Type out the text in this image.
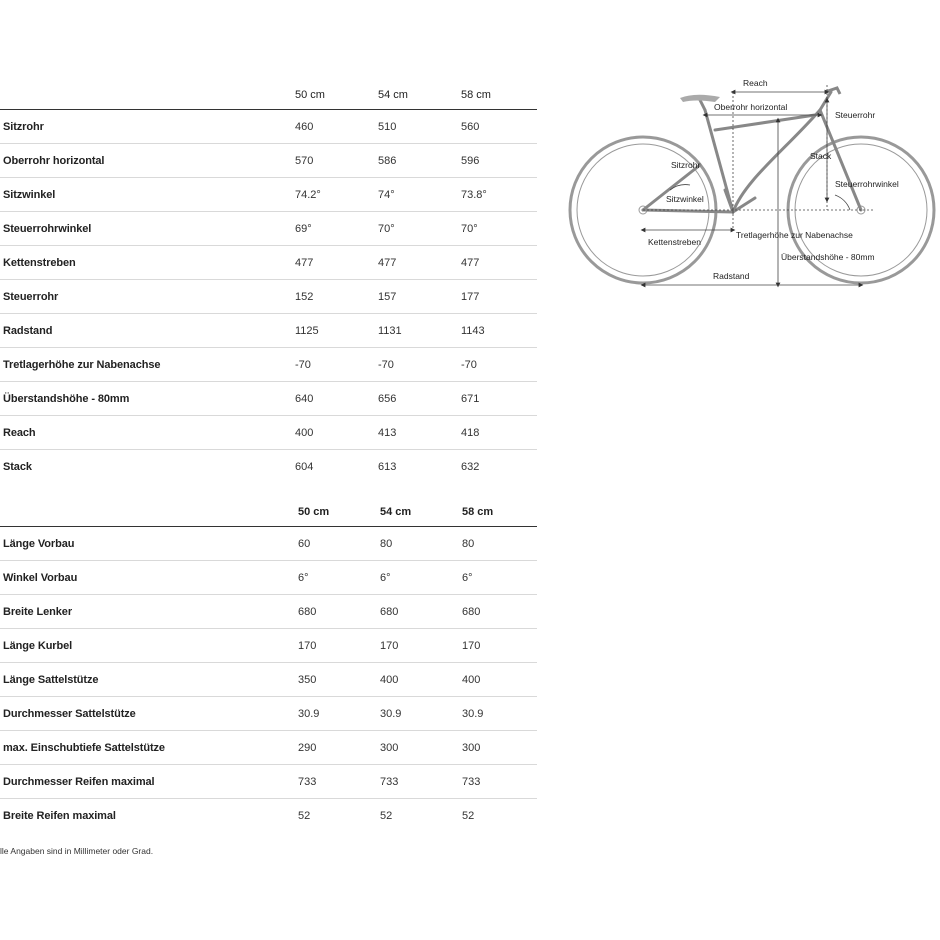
50 cm	54 cm	58 cm
Sitzrohr	460	510	560
Oberrohr horizontal	570	586	596
Sitzwinkel	74.2°	74°	73.8°
Steuerrohrwinkel	69°	70°	70°
Kettenstreben	477	477	477
Steuerrohr	152	157	177
Radstand	1125	1131	1143
Tretlagerhöhe zur Nabenachse	-70	-70	-70
Überstandshöhe - 80mm	640	656	671
Reach	400	413	418
Stack	604	613	632
50 cm	54 cm	58 cm
Länge Vorbau	60	80	80
Winkel Vorbau	6°	6°	6°
Breite Lenker	680	680	680
Länge Kurbel	170	170	170
Länge Sattelstütze	350	400	400
Durchmesser Sattelstütze	30.9	30.9	30.9
max. Einschubtiefe Sattelstütze	290	300	300
Durchmesser Reifen maximal	733	733	733
Breite Reifen maximal	52	52	52
lle Angaben sind in Millimeter oder Grad.
Reach
Oberrohr horizontal
Steuerrohr
Stack
Sitzrohr
Steuerrohrwinkel
Sitzwinkel
Kettenstreben
Tretlagerhöhe zur Nabenachse
Überstandshöhe - 80mm
Radstand
